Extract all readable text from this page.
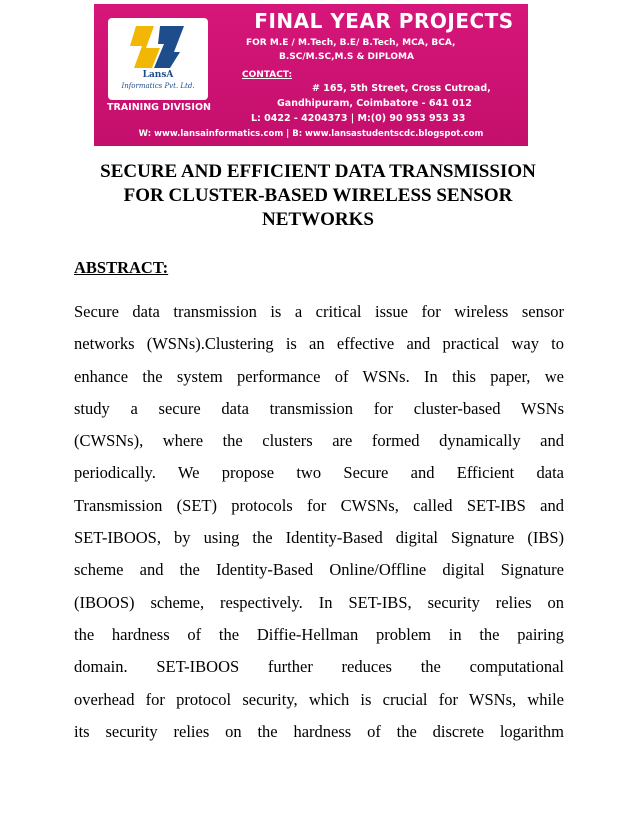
LansA
Informatics Pvt. Ltd.
TRAINING DIVISION
FINAL YEAR PROJECTS
FOR M.E / M.Tech, B.E/ B.Tech, MCA, BCA,
B.SC/M.SC,M.S & DIPLOMA
CONTACT:
# 165, 5th Street, Cross Cutroad,
Gandhipuram, Coimbatore - 641 012
L: 0422 - 4204373 | M:(0) 90 953 953 33
W: www.lansainformatics.com | B: www.lansastudentscdc.blogspot.com
SECURE AND EFFICIENT DATA TRANSMISSION
FOR CLUSTER-BASED WIRELESS SENSOR
NETWORKS
ABSTRACT:
Secure data transmission is a critical issue for wireless sensor
networks (WSNs).Clustering is an effective and practical way to
enhance the system performance of WSNs. In this paper, we
study a secure data transmission for cluster-based WSNs
(CWSNs), where the clusters are formed dynamically and
periodically. We propose two Secure and Efficient data
Transmission (SET) protocols for CWSNs, called SET-IBS and
SET-IBOOS, by using the Identity-Based digital Signature (IBS)
scheme and the Identity-Based Online/Offline digital Signature
(IBOOS) scheme, respectively. In SET-IBS, security relies on
the hardness of the Diffie-Hellman problem in the pairing
domain. SET-IBOOS further reduces the computational
overhead for protocol security, which is crucial for WSNs, while
its security relies on the hardness of the discrete logarithm
